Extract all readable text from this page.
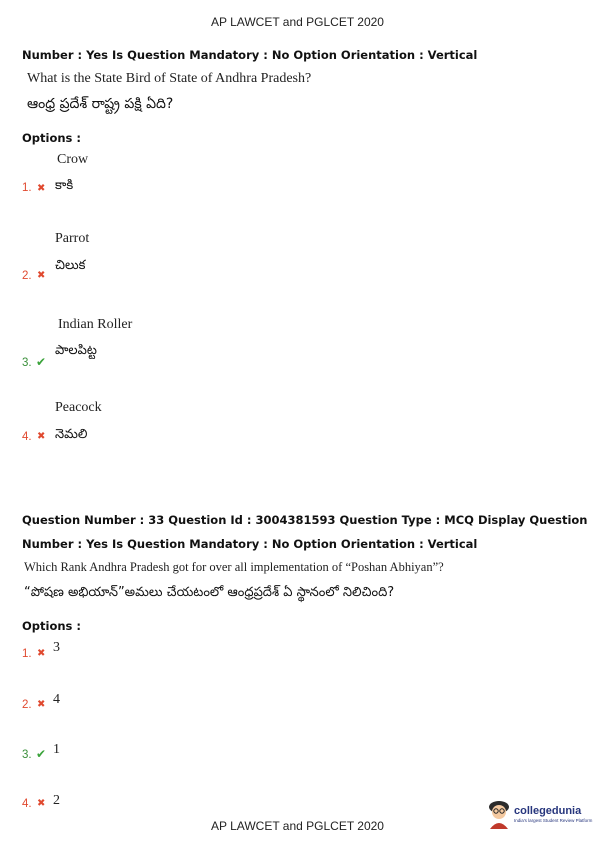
AP LAWCET and PGLCET 2020
Number : Yes Is Question Mandatory : No Option Orientation : Vertical
What is the State Bird of State of Andhra Pradesh?
ఆంధ్ర ప్రదేశ్ రాష్ట్ర పక్షి ఏది?
Options :
Crow
1. ✖ కాకి
Parrot
2. ✖
చిలుక
Indian Roller
3. ✔
పాలపిట్ట
Peacock
4. ✖ నెమలి
Question Number : 33 Question Id : 3004381593 Question Type : MCQ Display Question
Number : Yes Is Question Mandatory : No Option Orientation : Vertical
Which Rank Andhra Pradesh got for over all implementation of “Poshan Abhiyan”?
“పోషణ అభియాన్”అమలు చేయటంలో ఆంధ్రప్రదేశ్ ఏ స్థానంలో నిలిచింది?
Options :
1. ✖ 3
2. ✖ 4
3. ✔ 1
4. ✖ 2
AP LAWCET and PGLCET 2020
collegedunia
India's largest Student Review Platform
